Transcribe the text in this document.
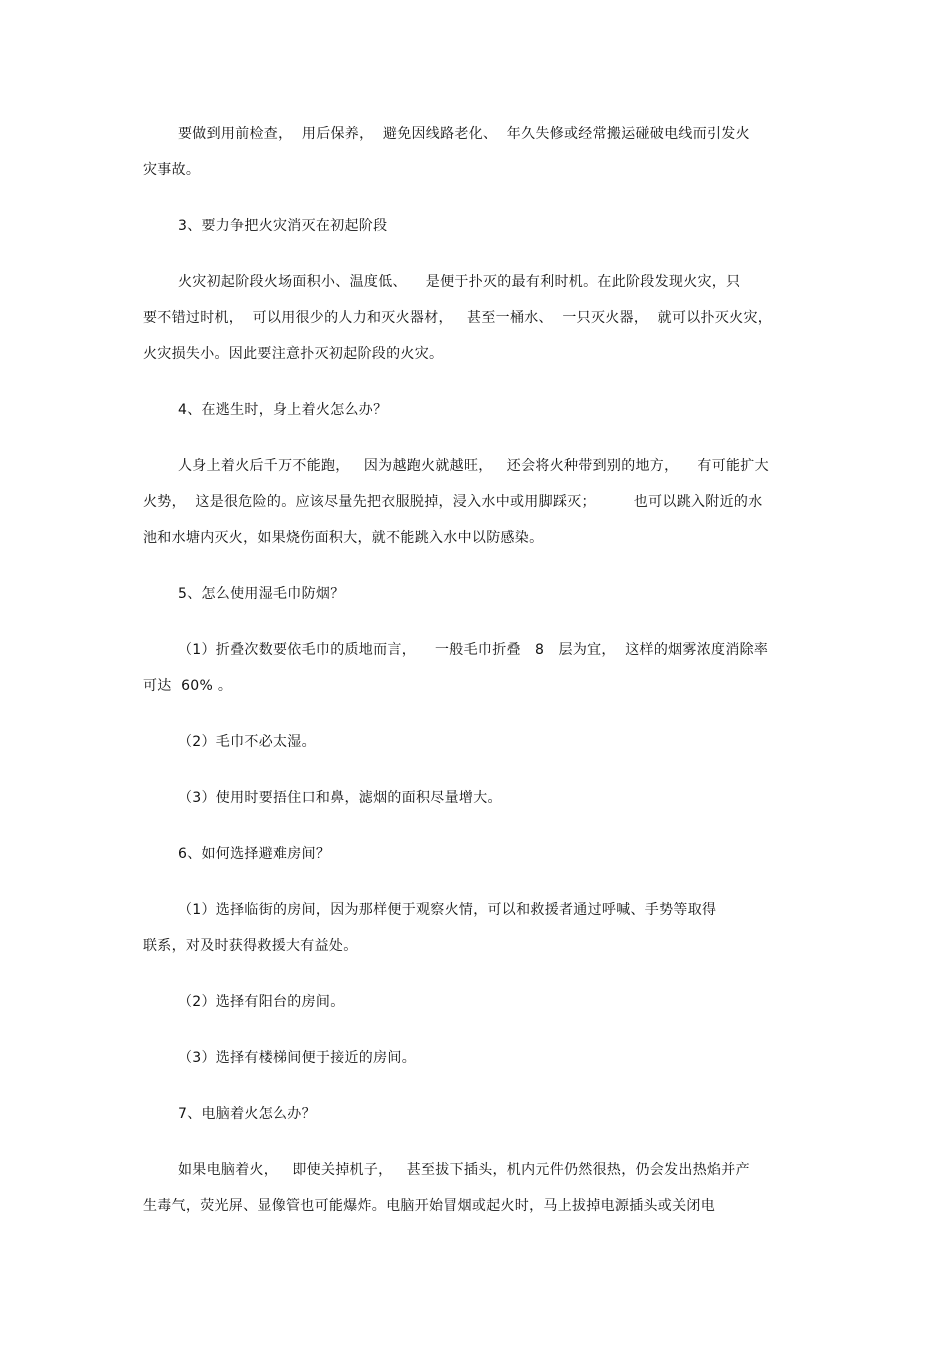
要做到用前检查，  用后保养，  避免因线路老化、  年久失修或经常搬运碰破电线而引发火
灾事故。
3、要力争把火灾消灭在初起阶段
火灾初起阶段火场面积小、温度低、    是便于扑灭的最有利时机。在此阶段发现火灾，只
要不错过时机，  可以用很少的人力和灭火器材，   甚至一桶水、  一只灭火器，  就可以扑灭火灾，
火灾损失小。因此要注意扑灭初起阶段的火灾。
4、在逃生时，身上着火怎么办？
人身上着火后千万不能跑，   因为越跑火就越旺，   还会将火种带到别的地方，    有可能扩大
火势，  这是很危险的。应该尽量先把衣服脱掉，浸入水中或用脚踩灭；        也可以跳入附近的水
池和水塘内灭火，如果烧伤面积大，就不能跳入水中以防感染。
5、怎么使用湿毛巾防烟？
（1）折叠次数要依毛巾的质地而言，    一般毛巾折叠   8   层为宜，  这样的烟雾浓度消除率
可达  60% 。
（2）毛巾不必太湿。
（3）使用时要捂住口和鼻，滤烟的面积尽量增大。
6、如何选择避难房间？
（1）选择临街的房间，因为那样便于观察火情，可以和救援者通过呼喊、手势等取得
联系，对及时获得救援大有益处。
（2）选择有阳台的房间。
（3）选择有楼梯间便于接近的房间。
7、电脑着火怎么办？
如果电脑着火，   即使关掉机子，   甚至拔下插头，机内元件仍然很热，仍会发出热焰并产
生毒气，荧光屏、显像管也可能爆炸。电脑开始冒烟或起火时，马上拔掉电源插头或关闭电
